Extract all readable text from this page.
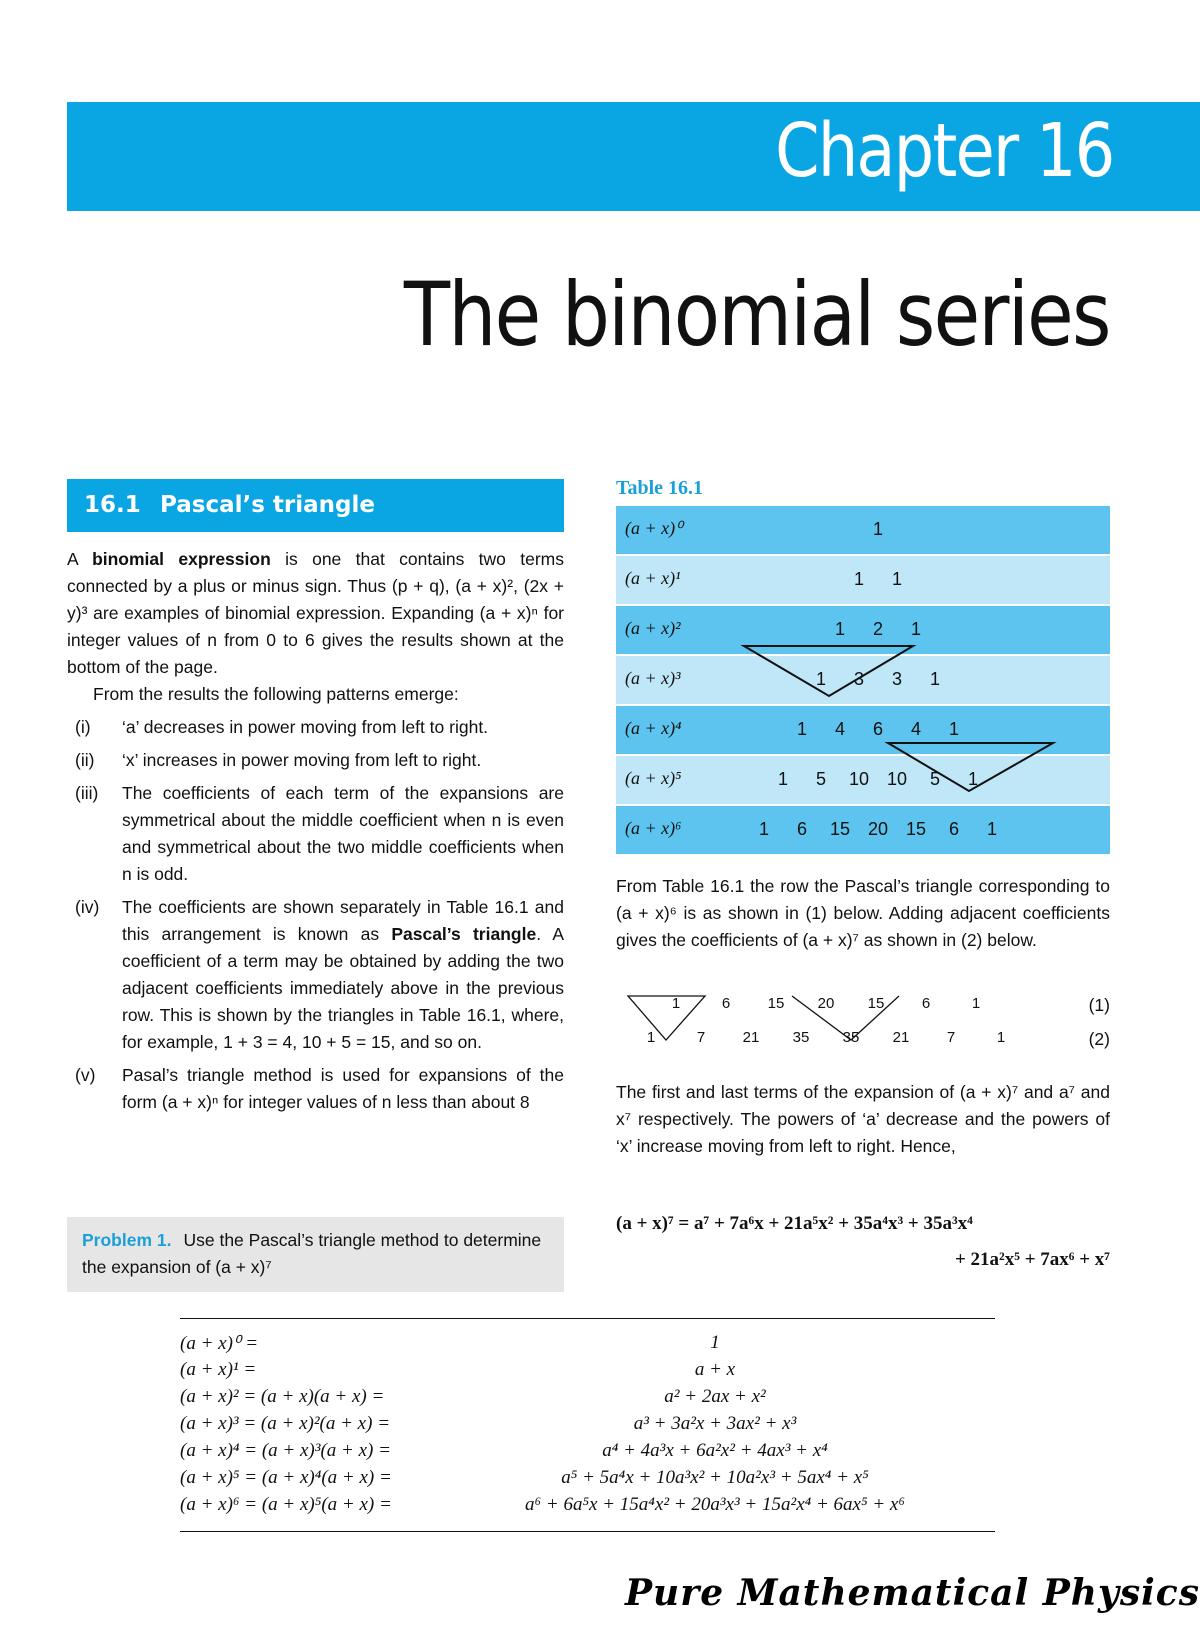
Chapter 16
The binomial series
16.1 Pascal’s triangle

A binomial expression is one that contains two terms connected by a plus or minus sign. Thus (p + q), (a + x)², (2x + y)³ are examples of binomial expression. Expanding (a + x)ⁿ for integer values of n from 0 to 6 gives the results shown at the bottom of the page.

From the results the following patterns emerge:

(i) ‘a’ decreases in power moving from left to right.
(ii) ‘x’ increases in power moving from left to right.
(iii) The coefficients of each term of the expansions are symmetrical about the middle coefficient when n is even and symmetrical about the two middle coefficients when n is odd.
(iv) The coefficients are shown separately in Table 16.1 and this arrangement is known as Pascal’s triangle. A coefficient of a term may be obtained by adding the two adjacent coefficients immediately above in the previous row. This is shown by the triangles in Table 16.1, where, for example, 1 + 3 = 4, 10 + 5 = 15, and so on.
(v) Pasal’s triangle method is used for expansions of the form (a + x)ⁿ for integer values of n less than about 8
Problem 1. Use the Pascal’s triangle method to determine the expansion of (a + x)⁷
Table 16.1
(a + x)⁰	1
(a + x)¹	1 1
(a + x)²	1 2 1
(a + x)³	1 3 3 1
(a + x)⁴	1 4 6 4 1
(a + x)⁵	1 5 10 10 5 1
(a + x)⁶	1 6 15 20 15 6 1
From Table 16.1 the row the Pascal’s triangle corresponding to (a + x)⁶ is as shown in (1) below. Adding adjacent coefficients gives the coefficients of (a + x)⁷ as shown in (2) below.
(1)
(2)
1	6 15 20 15 6	1
1	7 21 35 35 21 7	1
The first and last terms of the expansion of (a + x)⁷ and a⁷ and x⁷ respectively. The powers of ‘a’ decrease and the powers of ‘x’ increase moving from left to right. Hence,
(a + x)⁷ = a⁷ + 7a⁶x + 21a⁵x² + 35a⁴x³ + 35a³x⁴
+ 21a²x⁵ + 7ax⁶ + x⁷
(a + x)⁰ =	1
(a + x)¹ =	a + x
(a + x)² = (a + x)(a + x) =	a² + 2ax + x²
(a + x)³ = (a + x)²(a + x) =	a³ + 3a²x + 3ax² + x³
(a + x)⁴ = (a + x)³(a + x) =	a⁴ + 4a³x + 6a²x² + 4ax³ + x⁴
(a + x)⁵ = (a + x)⁴(a + x) =	a⁵ + 5a⁴x + 10a³x² + 10a²x³ + 5ax⁴ + x⁵
(a + x)⁶ = (a + x)⁵(a + x) =	a⁶ + 6a⁵x + 15a⁴x² + 20a³x³ + 15a²x⁴ + 6ax⁵ + x⁶
Pure Mathematical Physics
